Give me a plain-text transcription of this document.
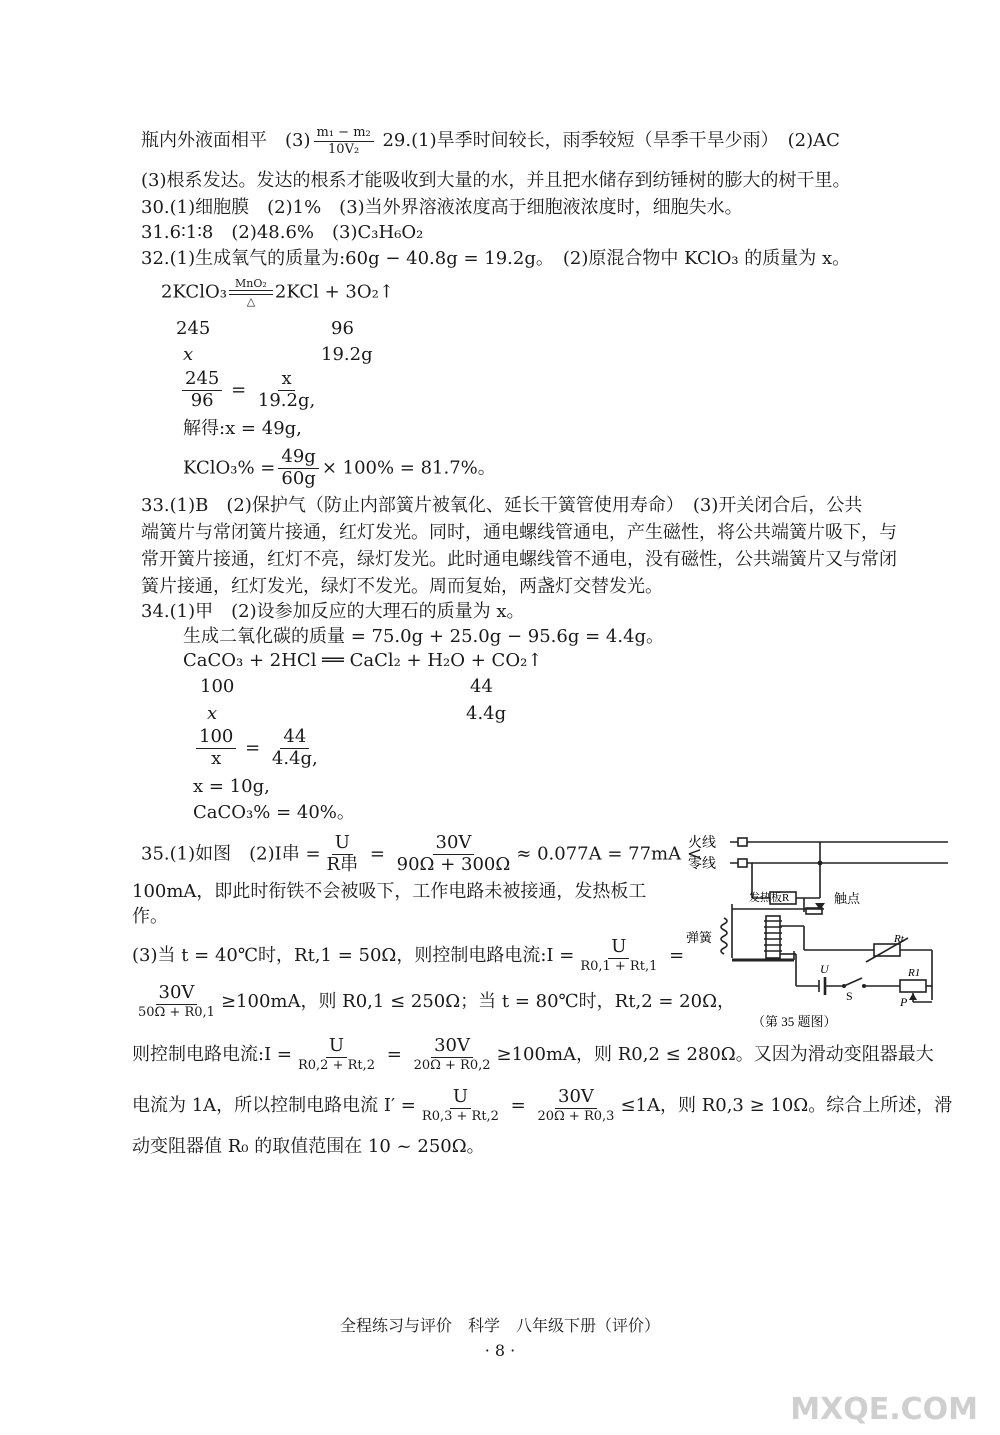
瓶内外液面相平　$(3) \frac{\text{m₁ − m₂}}{\text{10V₂}} 29.(1)$旱季时间较长，雨季较短（旱季干旱少雨）　(2)AC
(3)根系发达。发达的根系才能吸收到大量的水，并且把水储存到纺锤树的膨大的树干里。
30.(1)细胞膜　(2)1%　(3)当外界溶液浓度高于细胞液浓度时，细胞失水。
31.6∶1∶8　(2)48.6%　(3)C₃H₆O₂
32.(1)生成氧气的质量为:60g − 40.8g = 19.2g。　(2)原混合物中 KClO₃ 的质量为 x。
2KClO₃ MnO₂
△ 2KCl + 3O₂↑
245	96
x	19.2g
$\frac{245}{96} = \frac{x}{19.2g,}$
解得:x = 49g,
KClO₃% = $\frac{49g}{60g} \times 100\% = 81.7\%$。
33.(1)B　(2)保护气（防止内部簧片被氧化、延长干簧管使用寿命）　(3)开关闭合后，公共
端簧片与常闭簧片接通，红灯发光。同时，通电螺线管通电，产生磁性，将公共端簧片吸下，与
常开簧片接通，红灯不亮，绿灯发光。此时通电螺线管不通电，没有磁性，公共端簧片又与常闭
簧片接通，红灯发光，绿灯不发光。周而复始，两盏灯交替发光。
34.(1)甲　(2)设参加反应的大理石的质量为 x。
生成二氧化碳的质量 = 75.0g + 25.0g − 95.6g = 4.4g。
CaCO₃ + 2HCl ══ CaCl₂ + H₂O + CO₂↑
100	44
x	4.4g
$\frac{100}{x} = \frac{44}{4.4g,}$
x = 10g,
CaCO₃% = 40%。
35.(1)如图　(2)I串 = $\frac{U}{\text{R串}} = \frac{30V}{90\Omega + 300\Omega} \approx 0.077A = 77mA$ <
100mA，即此时衔铁不会被吸下，工作电路未被接通，发热板工
作。
(3)当 t = 40℃时，Rt,1 = 50Ω，则控制电路电流:I = $\frac{U}{R0,1 + Rt,1}$ =
$\frac{30V}{50\Omega + R0,1} \ge 100mA$，则 R0,1 ≤ 250Ω；当 t = 80℃时，Rt,2 = 20Ω，
则控制电路电流:I = $\frac{U}{R0,2 + Rt,2} = \frac{30V}{20\Omega + R0,2} \ge 100mA$，则 R0,2 ≤ 280Ω。又因为滑动变阻器最大
电流为 1A，所以控制电路电流 $I' = \frac{U}{R0,3 + Rt,2} = \frac{30V}{20\Omega + R0,3} \le 1A$，则 R0,3 ≥ 10Ω。综合上所述，滑
动变阻器值 R₀ 的取值范围在 10 ~ 250Ω。
火线
零线
发热板R	触点
弹簧	Rt
R1
U
S	P
（第 35 题图）
全程练习与评价　科学　八年级下册（评价）
· 8 ·
MXQE.COM
